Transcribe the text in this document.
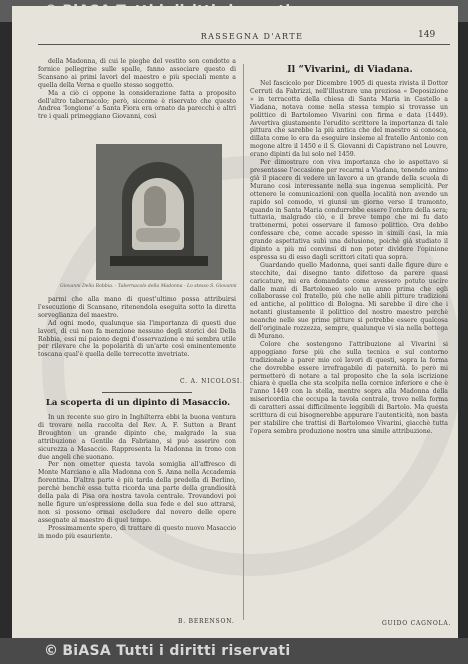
RASSEGNA D'ARTE	149

della Madonna, di cui le pieghe del vestito son condotte a fornice pellegrine sulle spalle, fanno associare questo di Scansano ai primi lavori del maestro e più speciali mente a quella della Verna e quello stesso soggetto.

Ma a ciò ci oppone la considerazione fatta a proposito dell'altro tabernacolo; però, siccome è riservato che questo Andrea 'Iongione' a Santa Fiora era ornato da parecchi e altri tre i quali primeggiano Giovanni, così

Giovanni Della Robbia. - Tabernacolo della Madonna - Lo stesso S. Giovanni

parmi che alla mano di quest'ultimo possa attribuirsi l'esecuzione di Scansano, ritenendola eseguita sotto la diretta sorveglianza del maestro.

Ad ogni modo, qualunque sia l'importanza di questi due lavori, di cui non fa menzione nessuno degli storici dei Della Robbia, essi mi paiono degni d'osservazione e mi sembra utile per rilevare che la popolarità di un'arte così eminentemente toscana qual'è quella delle terrecotte invetriate.

C. A. NICOLOSI.
La scoperta di un dipinto di Masaccio.

In un recente suo giro in Inghilterra ebbi la buona ventura di trovare nella raccolta del Rev. A. F. Sutton a Brant Broughton un grande dipinto che, malgrado la sua attribuzione a Gentile da Fabriano, si può asserire con sicurezza a Masaccio. Rappresenta la Madonna in trono con due angeli che suonano.

Per non ometter questa tavola somiglia all'affresco di Monte Marciano e alla Madonna con S. Anna nella Accademia fiorentina. D'altra parte è più tarda della predella di Berlino, perchè benchè essa tutta ricorda una parte della grandiosità della pala di Pisa ora nostra tavola centrale. Trovandovi poi nelle figure un'espressione della sua fede e del suo attrarsi, non si possono ormai escludere dal novero delle opere assegnate al maestro di quel tempo.

Prossimamente spero, di trattare di questo nuovo Masaccio in modo più esauriente.

B. BERENSON.
Il “Vivarini„ di Viadana.

Nel fascicolo per Dicembre 1905 di questa rivista il Dottor Cerruti da Fabrizzi, nell'illustrare una preziosa « Deposizione » in terracotta della chiesa di Santa Maria in Castello a Viadana, notava come nella stessa tempio si trovasse un polittico di Bartolomeo Vivarini con firma e data (1449). Avvertiva giustamente l'erudito scrittore la importanza di tale pittura che sarebbe la più antica che del maestro si conosca, dillata come lo era da eseguire insieme al fratello Antonio con mogone altre il 1450 e il S. Giovanni di Capistrano nel Louvre, erano dipinti da lui solo nel 1459.

Per dimostrare con viva importanza che io aspettavo si presentasse l'occasione per recarmi a Viadana, tenendo animo già il piacere di vedere un lavoro a un grande della scuola di Murano così interessante nella sua ingenua semplicità. Per ottenere le comunicazioni con quella località non avendo un rapido sol comodo, vi giunsi un giorno verso il tramonto, quando in Santa Maria condurrebbe essere l'ombra della sera; tuttavia, malgrado ciò, e il breve tempo che mi fu dato trattenermi, potei osservare il famoso polittico. Ora debbo confessare che, come accade spesso in simili casi, la mia grande aspettativa subì una delusione, poichè già studiato il dipinto a più mi convinsi di non poter dividere l'opinione espressa su di esso dagli scrittori citati qua sopra.

Guardando quello Madonna, quei santi dalle figure dure e stecchite, dai disegno tanto difettoso da parere quasi caricature, mi era domandato come avessero potuto uscire dalle mani di Bartolomeo solo un anno prima che egli collaborasse col fratello, più che nelle abili pitture tradizioni ed antiche, al polittico di Bologna. Mi sarebbe il dire che i notanti giustamente il polittico del nostro maestro perchè neanche nelle sue prime pitture si potrebbe essere qualcosa dell'originale rozzezza, sempre, qualunque vi sia nella bottega di Murano.

Colore che sostengono l'attribuzione al Vivarini si appoggiano forse più che sulla tecnica e sul contorno tradizionale a parer mio coi lavori di questi, sopra la forma che dovrebbe essere irrefragabile di paternità. Io però mi permetterò di notare a tal proposito che la sola iscrizione chiara è quella che sta scolpita nella cornice inferiore e che è l'anno 1449 con la stella, mentre sopra alla Madonna della misericordia che occupa la tavola centrale, trovo nella forma di caratteri assai difficilmente leggibili di Bartolo. Ma questa scrittura di cui bisognerebbe appurare l'autenticità, non basta per stabilire che trattisi di Bartolomeo Vivarini, giacchè tutta l'opera sembra produzione nostra una simile attribuzione.

GUIDO CAGNOLA.
© BiASA Tutti i diritti riservati
